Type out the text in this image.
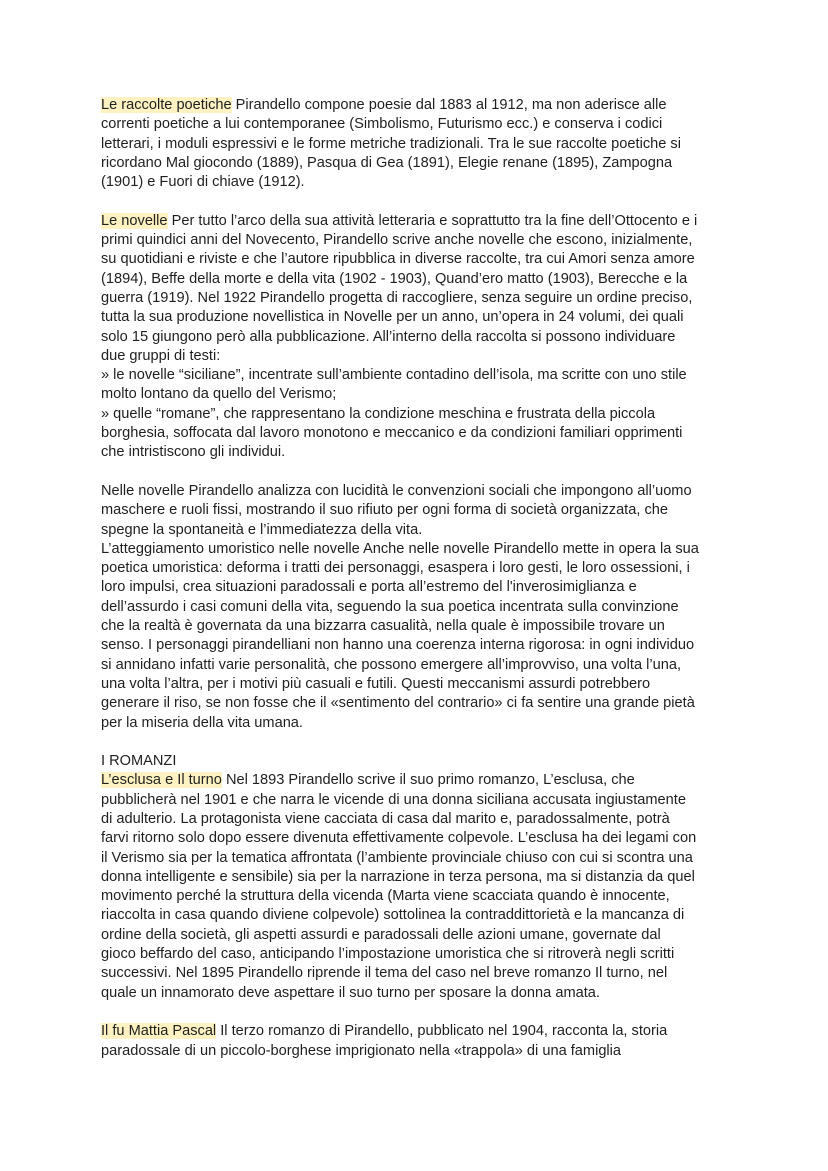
Le raccolte poetiche Pirandello compone poesie dal 1883 al 1912, ma non aderisce alle
correnti poetiche a lui contemporanee (Simbolismo, Futurismo ecc.) e conserva i codici
letterari, i moduli espressivi e le forme metriche tradizionali. Tra le sue raccolte poetiche si
ricordano Mal giocondo (1889), Pasqua di Gea (1891), Elegie renane (1895), Zampogna
(1901) e Fuori di chiave (1912).

Le novelle Per tutto l’arco della sua attività letteraria e soprattutto tra la fine dell’Ottocento e i
primi quindici anni del Novecento, Pirandello scrive anche novelle che escono, inizialmente,
su quotidiani e riviste e che l’autore ripubblica in diverse raccolte, tra cui Amori senza amore
(1894), Beffe della morte e della vita (1902 - 1903), Quand’ero matto (1903), Berecche e la
guerra (1919). Nel 1922 Pirandello progetta di raccogliere, senza seguire un ordine preciso,
tutta la sua produzione novellistica in Novelle per un anno, un’opera in 24 volumi, dei quali
solo 15 giungono però alla pubblicazione. All’interno della raccolta si possono individuare
due gruppi di testi:
» le novelle “siciliane”, incentrate sull’ambiente contadino dell’isola, ma scritte con uno stile
molto lontano da quello del Verismo;
» quelle “romane”, che rappresentano la condizione meschina e frustrata della piccola
borghesia, soffocata dal lavoro monotono e meccanico e da condizioni familiari opprimenti
che intristiscono gli individui.

Nelle novelle Pirandello analizza con lucidità le convenzioni sociali che impongono all’uomo
maschere e ruoli fissi, mostrando il suo rifiuto per ogni forma di società organizzata, che
spegne la spontaneità e l’immediatezza della vita.
L’atteggiamento umoristico nelle novelle Anche nelle novelle Pirandello mette in opera la sua
poetica umoristica: deforma i tratti dei personaggi, esaspera i loro gesti, le loro ossessioni, i
loro impulsi, crea situazioni paradossali e porta all’estremo del l'inverosimiglianza e
dell’assurdo i casi comuni della vita, seguendo la sua poetica incentrata sulla convinzione
che la realtà è governata da una bizzarra casualità, nella quale è impossibile trovare un
senso. I personaggi pirandelliani non hanno una coerenza interna rigorosa: in ogni individuo
si annidano infatti varie personalità, che possono emergere all’improvviso, una volta l’una,
una volta l’altra, per i motivi più casuali e futili. Questi meccanismi assurdi potrebbero
generare il riso, se non fosse che il «sentimento del contrario» ci fa sentire una grande pietà
per la miseria della vita umana.

I ROMANZI
L’esclusa e Il turno Nel 1893 Pirandello scrive il suo primo romanzo, L’esclusa, che
pubblicherà nel 1901 e che narra le vicende di una donna siciliana accusata ingiustamente
di adulterio. La protagonista viene cacciata di casa dal marito e, paradossalmente, potrà
farvi ritorno solo dopo essere divenuta effettivamente colpevole. L’esclusa ha dei legami con
il Verismo sia per la tematica affrontata (l’ambiente provinciale chiuso con cui si scontra una
donna intelligente e sensibile) sia per la narrazione in terza persona, ma si distanzia da quel
movimento perché la struttura della vicenda (Marta viene scacciata quando è innocente,
riaccolta in casa quando diviene colpevole) sottolinea la contraddittorietà e la mancanza di
ordine della società, gli aspetti assurdi e paradossali delle azioni umane, governate dal
gioco beffardo del caso, anticipando l’impostazione umoristica che si ritroverà negli scritti
successivi. Nel 1895 Pirandello riprende il tema del caso nel breve romanzo Il turno, nel
quale un innamorato deve aspettare il suo turno per sposare la donna amata.

Il fu Mattia Pascal Il terzo romanzo di Pirandello, pubblicato nel 1904, racconta la, storia
paradossale di un piccolo-borghese imprigionato nella «trappola» di una famiglia
